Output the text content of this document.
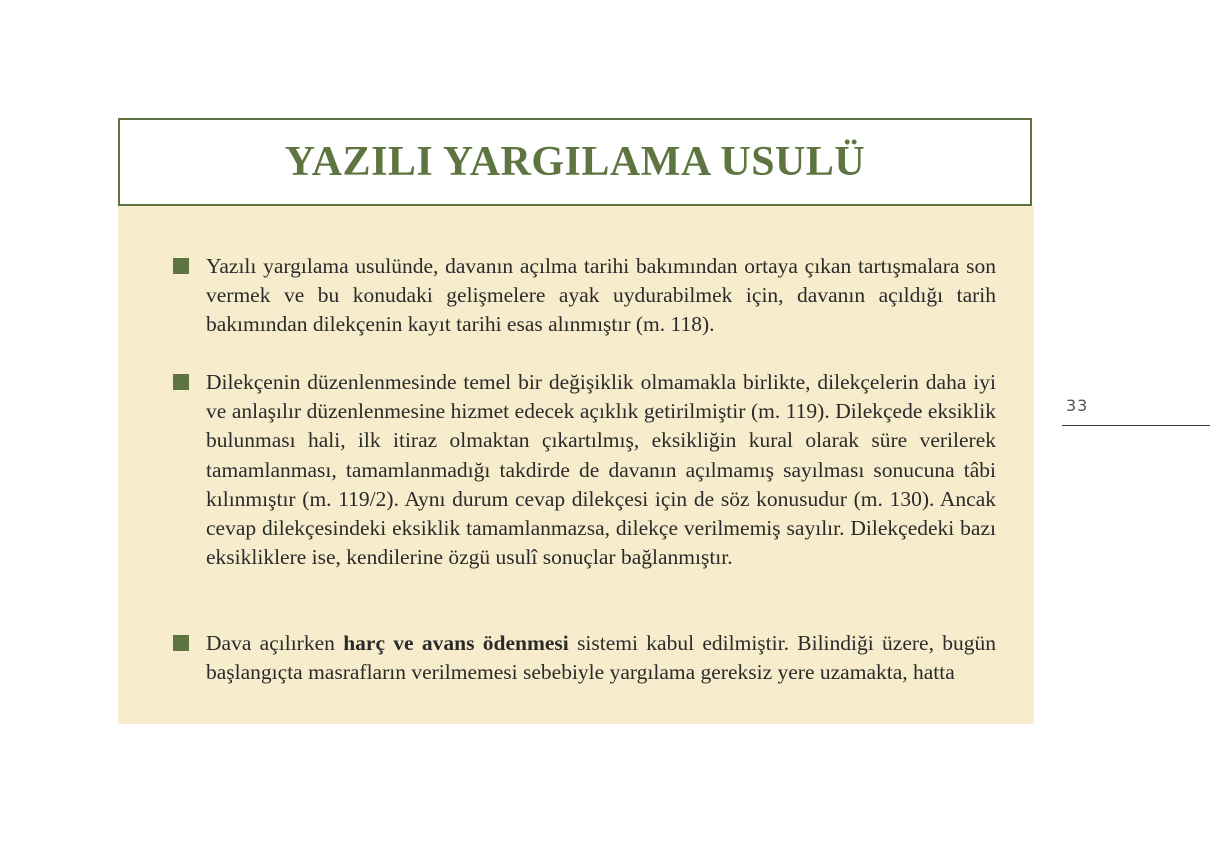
YAZILI YARGILAMA USULÜ

Yazılı yargılama usulünde, davanın açılma tarihi bakımından ortaya çıkan tartışmalara son vermek ve bu konudaki gelişmelere ayak uydurabilmek için, davanın açıldığı tarih bakımından dilekçenin kayıt tarihi esas alınmıştır (m. 118).

Dilekçenin düzenlenmesinde temel bir değişiklik olmamakla birlikte, dilekçelerin daha iyi ve anlaşılır düzenlenmesine hizmet edecek açıklık getirilmiştir (m. 119). Dilekçede eksiklik bulunması hali, ilk itiraz olmaktan çıkartılmış, eksikliğin kural olarak süre verilerek tamamlanması, tamamlanmadığı takdirde de davanın açılmamış sayılması sonucuna tâbi kılınmıştır (m. 119/2). Aynı durum cevap dilekçesi için de söz konusudur (m. 130). Ancak cevap dilekçesindeki eksiklik tamamlanmazsa, dilekçe verilmemiş sayılır. Dilekçedeki bazı eksikliklere ise, kendilerine özgü usulî sonuçlar bağlanmıştır.

Dava açılırken harç ve avans ödenmesi sistemi kabul edilmiştir. Bilindiği üzere, bugün başlangıçta masrafların verilmemesi sebebiyle yargılama gereksiz yere uzamakta, hatta

33
